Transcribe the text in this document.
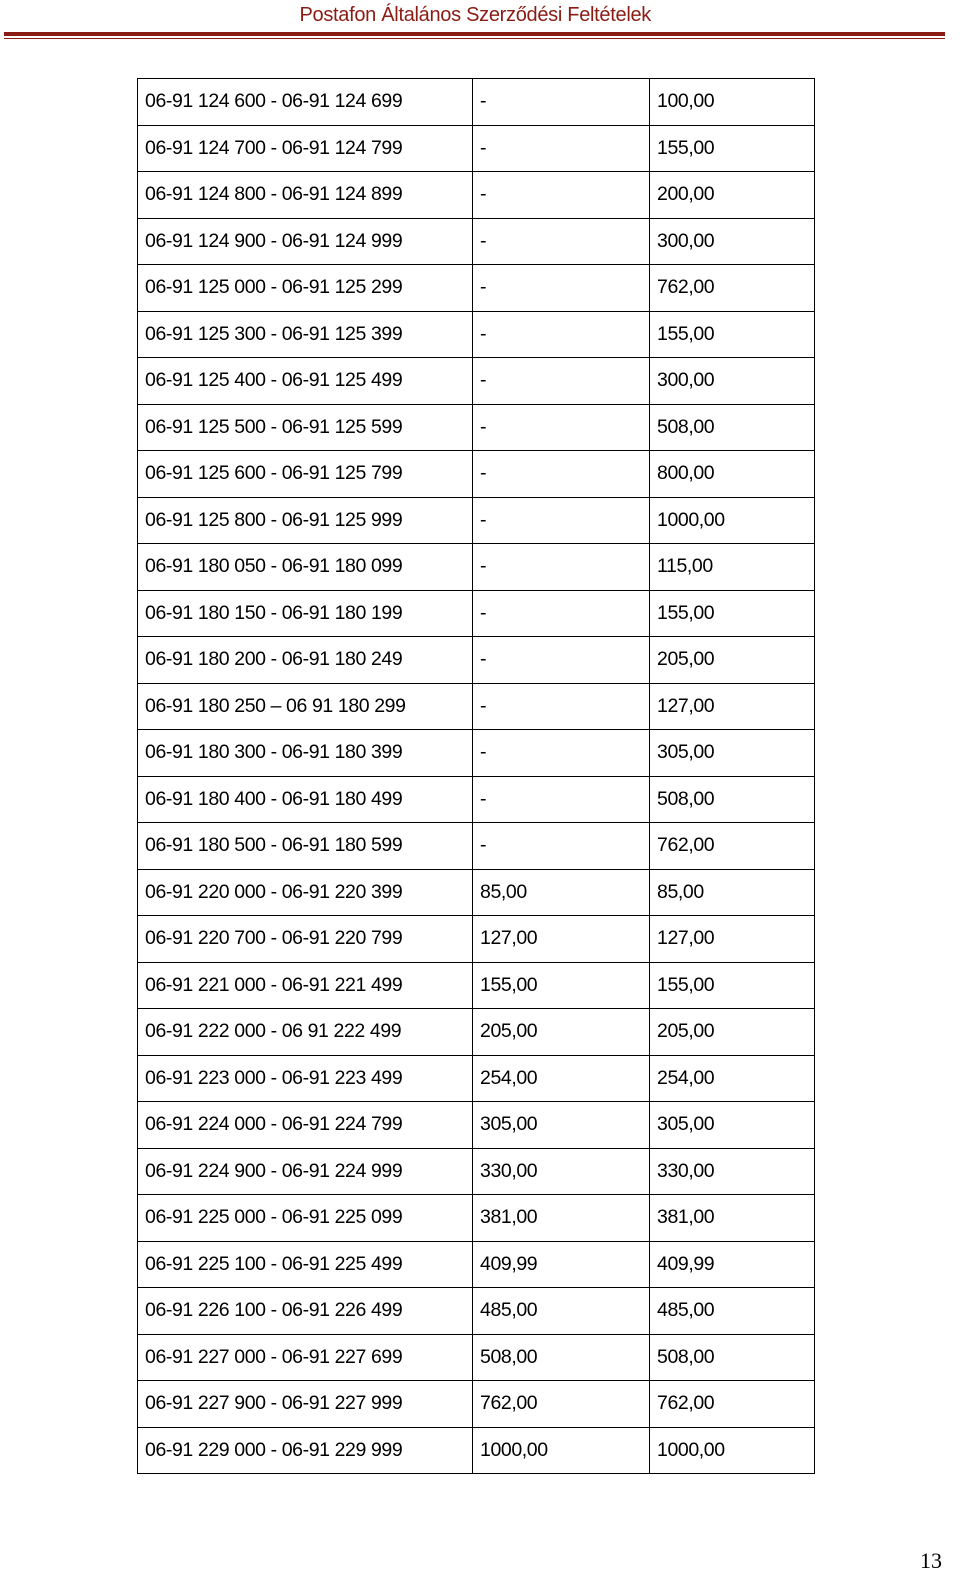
Postafon Általános Szerződési Feltételek
06-91 124 600 - 06-91 124 699	-	100,00
06-91 124 700 - 06-91 124 799	-	155,00
06-91 124 800 - 06-91 124 899	-	200,00
06-91 124 900 - 06-91 124 999	-	300,00
06-91 125 000 - 06-91 125 299	-	762,00
06-91 125 300 - 06-91 125 399	-	155,00
06-91 125 400 - 06-91 125 499	-	300,00
06-91 125 500 - 06-91 125 599	-	508,00
06-91 125 600 - 06-91 125 799	-	800,00
06-91 125 800 - 06-91 125 999	-	1000,00
06-91 180 050 - 06-91 180 099	-	115,00
06-91 180 150 - 06-91 180 199	-	155,00
06-91 180 200 - 06-91 180 249	-	205,00
06-91 180 250 – 06 91 180 299	-	127,00
06-91 180 300 - 06-91 180 399	-	305,00
06-91 180 400 - 06-91 180 499	-	508,00
06-91 180 500 - 06-91 180 599	-	762,00
06-91 220 000 - 06-91 220 399	85,00	85,00
06-91 220 700 - 06-91 220 799	127,00	127,00
06-91 221 000 - 06-91 221 499	155,00	155,00
06-91 222 000 - 06 91 222 499	205,00	205,00
06-91 223 000 - 06-91 223 499	254,00	254,00
06-91 224 000 - 06-91 224 799	305,00	305,00
06-91 224 900 - 06-91 224 999	330,00	330,00
06-91 225 000 - 06-91 225 099	381,00	381,00
06-91 225 100 - 06-91 225 499	409,99	409,99
06-91 226 100 - 06-91 226 499	485,00	485,00
06-91 227 000 - 06-91 227 699	508,00	508,00
06-91 227 900 - 06-91 227 999	762,00	762,00
06-91 229 000 - 06-91 229 999	1000,00	1000,00
13
